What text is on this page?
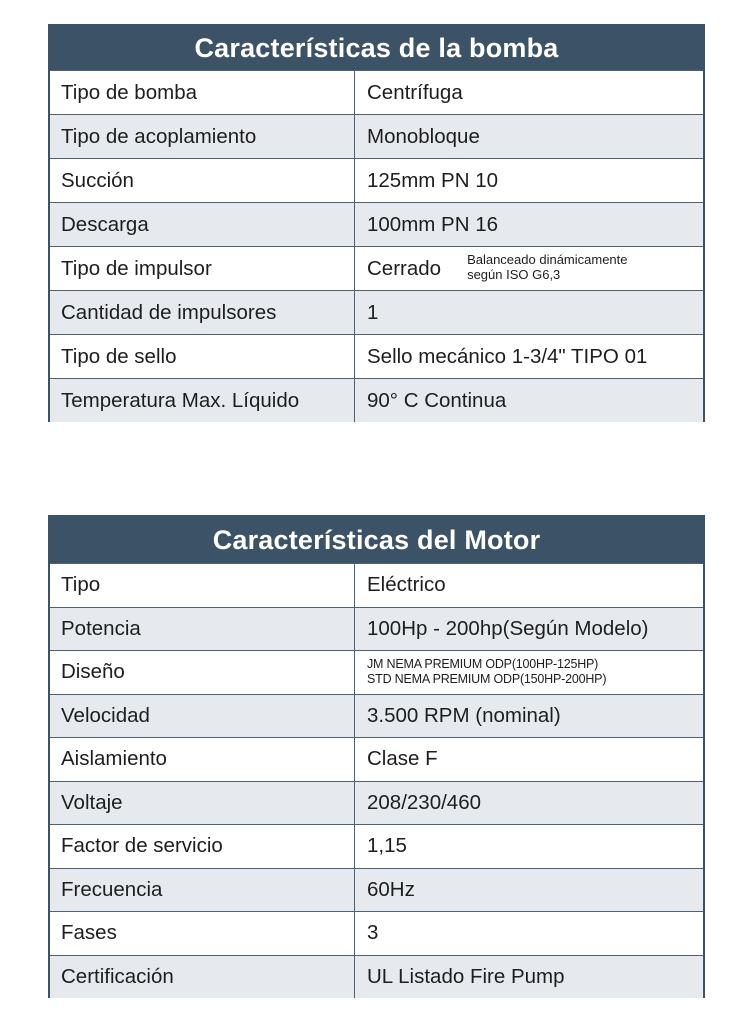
Características de la bomba
Tipo de bomba	Centrífuga
Tipo de acoplamiento	Monobloque
Succión	125mm PN 10
Descarga	100mm PN 16
Tipo de impulsor	Cerrado Balanceado dinámicamente
según ISO G6,3
Cantidad de impulsores	1
Tipo de sello	Sello mecánico 1-3/4" TIPO 01
Temperatura Max. Líquido	90° C Continua
Características del Motor
Tipo	Eléctrico
Potencia	100Hp - 200hp(Según Modelo)
Diseño	JM NEMA PREMIUM ODP(100HP-125HP)
STD NEMA PREMIUM ODP(150HP-200HP)
Velocidad	3.500 RPM (nominal)
Aislamiento	Clase F
Voltaje	208/230/460
Factor de servicio	1,15
Frecuencia	60Hz
Fases	3
Certificación	UL Listado Fire Pump
